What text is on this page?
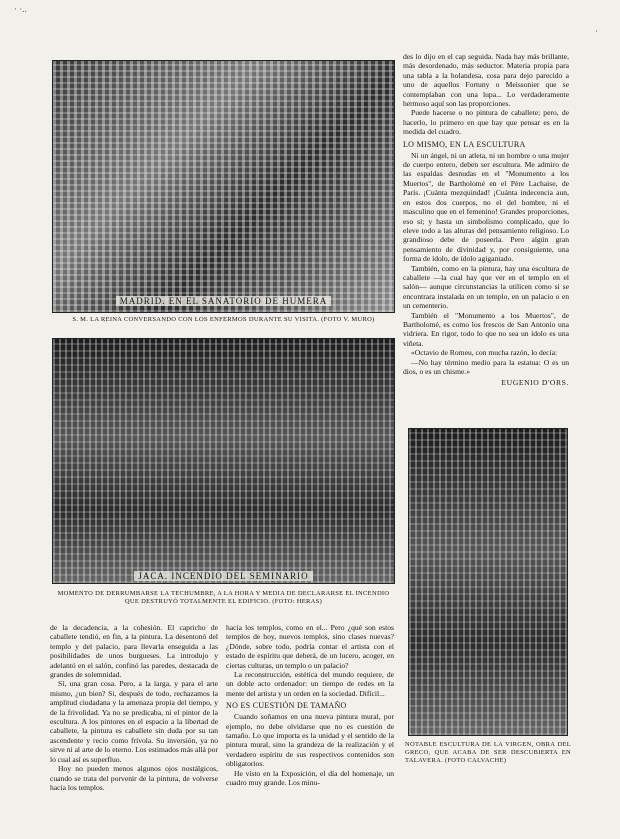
· ·..
·
MADRID. EN EL SANATORIO DE HUMERA
S. M. LA REINA CONVERSANDO CON LOS ENFERMOS DURANTE SU VISITA. (FOTO V. MURO)
JACA. INCENDIO DEL SEMINARIO
MOMENTO DE DERRUMBARSE LA TECHUMBRE, A LA HORA Y MEDIA DE DECLARARSE EL INCENDIO QUE DESTRUYÓ TOTALMENTE EL EDIFICIO. (FOTO: HERAS)

des lo dijo en el cap seguida. Nada hay más brillante, más desordenado, más seductor. Materia propia para una tabla a la holandesa, cosa para dejo parecido a uno de aquellos Fortuny o Meissonier que se contemplaban con una lupa... Lo verdaderamente hermoso aquí son las proporciones.

Puede hacerse o no pintura de caballete; pero, de hacerlo, lo primero en que hay que pensar es en la medida del cuadro.

LO MISMO, EN LA ESCULTURA

Ni un ángel, ni un atleta, ni un hombre o una mujer de cuerpo entero, deben ser escultura. Me admiro de las espaldas desnudas en el "Monumento a los Muertos", de Bartholomé en el Père Lachaise, de París. ¡Cuánta mezquindad! ¡Cuánta indecencia aun, en estos dos cuerpos, no el del hombre, ni el masculino que en el femenino! Grandes proporciones, eso sí; y hasta un simbolismo complicado, que lo eleve todo a las alturas del pensamiento religioso. Lo grandioso debe de poseerla. Pero algún gran pensamiento de divinidad y, por consiguiente, una forma de ídolo, de ídolo agigantado.

También, como en la pintura, hay una escultura de caballete —la cual hay que ver en el templo en el salón— aunque circunstancias la utilicen como si se encontrara instalada en un templo, en un palacio o en un cementerio.

También el "Monumento a los Muertos", de Bartholomé, es como los frescos de San Antonio una vidriera. En rigor, todo lo que no sea un ídolo es una viñeta.

«Octavio de Romeu, con mucha razón, lo decía:

—No hay término medio para la estatua: O es un dios, o es un chisme.»

EUGENIO D'ORS.
NOTABLE ESCULTURA DE LA VIRGEN, OBRA DEL GRECO, QUE ACABA DE SER DESCUBIERTA EN TALAVERA. (FOTO CALVACHE)

de la decadencia, a la cohesión. El capricho de caballete tendió, en fin, a la pintura. La desentonó del templo y del palacio, para llevarla enseguida a las posibilidades de unos burgueses. La introdujo y adelantó en el salón, confinó las paredes, destacada de grandes de solemnidad.

Sí, una gran cosa. Pero, a la larga, y para el arte mismo, ¿un bien? Si, después de todo, rechazamos la amplitud ciudadana y la amenaza propia del tiempo, y de la frivolidad. Ya no se predicaba, ni el pintor de la escultura. A los pintores en el espacio a la libertad de caballete, la pintura es caballete sin duda por su tan ascendente y recio como frívola. Su inversión, ya no sirve ni al arte de lo eterno. Los estimados más allá por lo cual así es superfluo.

Hoy no pueden menos algunos ojos nostálgicos, cuando se trata del porvenir de la pintura, de volverse hacia los templos.

hacia los templos, como en el... Pero ¿qué son estos templos de hoy, nuevos templos, sino clases nuevas? ¿Dónde, sobre todo, podría contar el artista con el estado de espíritu que deberá, de un lucero, acoger, en ciertas culturas, un templo o un palacio?

La reconstrucción, estética del mundo requiere, de un doble acto ordenador: un tiempo de redes en la mente del artista y un orden en la sociedad. Difícil...

NO ES CUESTIÓN DE TAMAÑO

Cuando soñamos en una nueva pintura mural, por ejemplo, no debe olvidarse que no es cuestión de tamaño. Lo que importa es la unidad y el sentido de la pintura mural, sino la grandeza de la realización y el verdadero espíritu de sus respectivos contenidos son obligatorios.

He visto en la Exposición, el día del homenaje, un cuadro muy grande. Los minu-
